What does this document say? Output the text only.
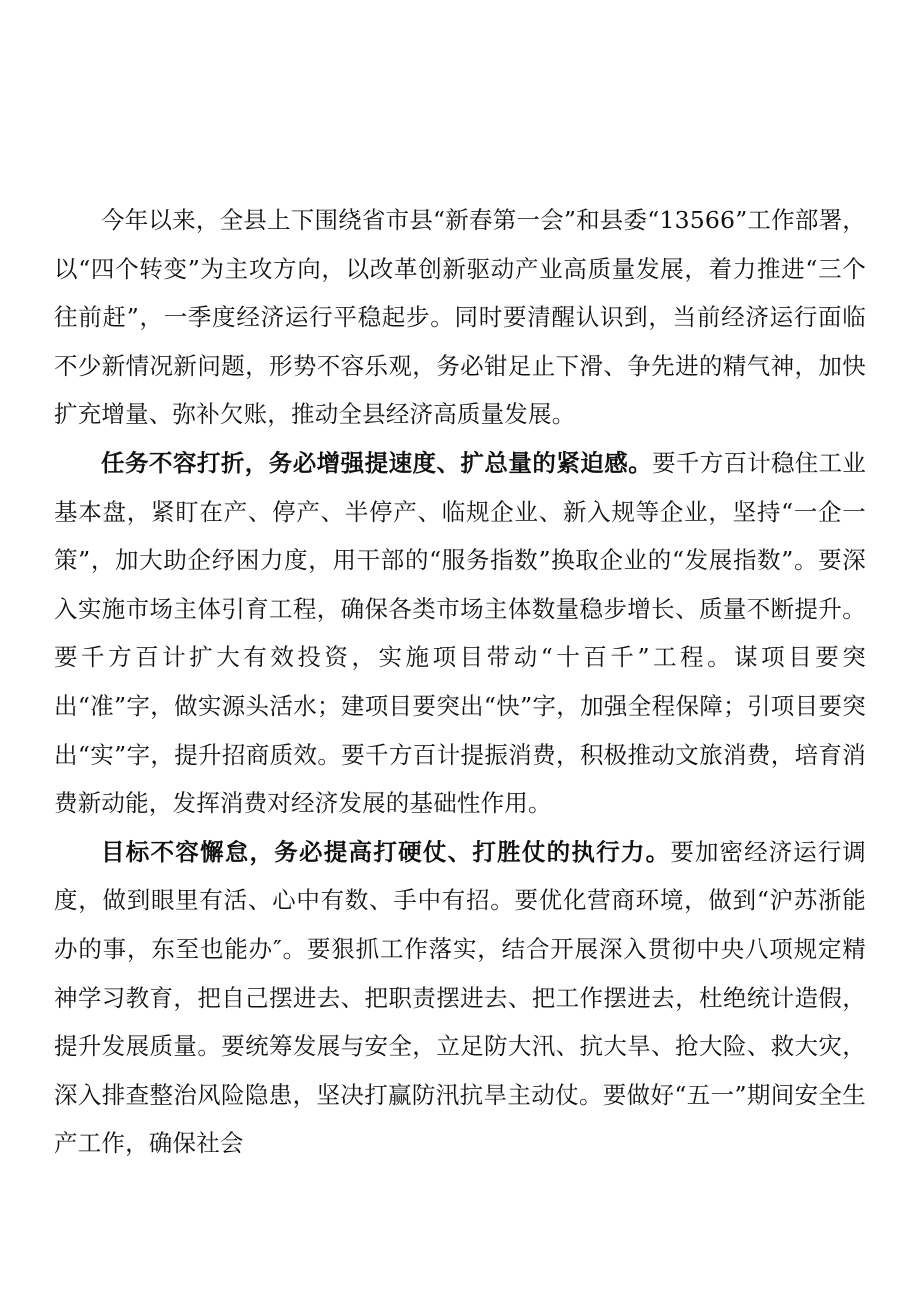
今年以来，全县上下围绕省市县“新春第一会”和县委“13566”工作部署，以“四个转变”为主攻方向，以改革创新驱动产业高质量发展，着力推进“三个往前赶”，一季度经济运行平稳起步。同时要清醒认识到，当前经济运行面临不少新情况新问题，形势不容乐观，务必钳足止下滑、争先进的精气神，加快扩充增量、弥补欠账，推动全县经济高质量发展。

任务不容打折，务必增强提速度、扩总量的紧迫感。要千方百计稳住工业基本盘，紧盯在产、停产、半停产、临规企业、新入规等企业，坚持“一企一策”，加大助企纾困力度，用干部的“服务指数”换取企业的“发展指数”。要深入实施市场主体引育工程，确保各类市场主体数量稳步增长、质量不断提升。要千方百计扩大有效投资，实施项目带动“十百千”工程。谋项目要突出“准”字，做实源头活水；建项目要突出“快”字，加强全程保障；引项目要突出“实”字，提升招商质效。要千方百计提振消费，积极推动文旅消费，培育消费新动能，发挥消费对经济发展的基础性作用。

目标不容懈怠，务必提高打硬仗、打胜仗的执行力。要加密经济运行调度，做到眼里有活、心中有数、手中有招。要优化营商环境，做到“沪苏浙能办的事，东至也能办″。要狠抓工作落实，结合开展深入贯彻中央八项规定精神学习教育，把自己摆进去、把职责摆进去、把工作摆进去，杜绝统计造假，提升发展质量。要统筹发展与安全，立足防大汛、抗大旱、抢大险、救大灾，深入排查整治风险隐患，坚决打赢防汛抗旱主动仗。要做好“五一”期间安全生产工作，确保社会
